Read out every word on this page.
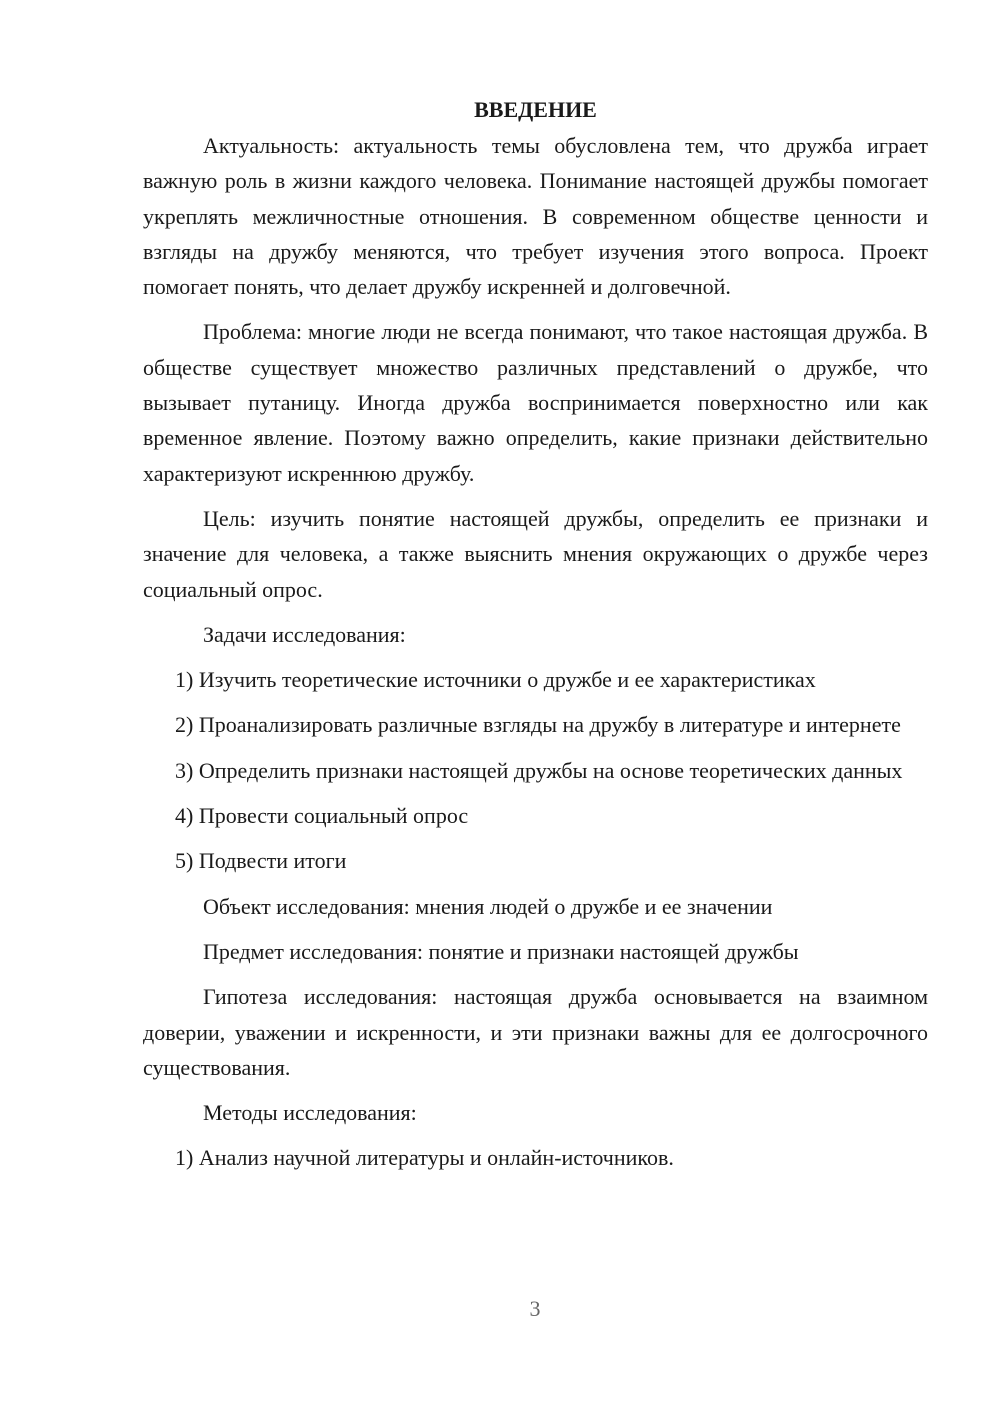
ВВЕДЕНИЕ

Актуальность: актуальность темы обусловлена тем, что дружба играет важную роль в жизни каждого человека. Понимание настоящей дружбы помогает укреплять межличностные отношения. В современном обществе ценности и взгляды на дружбу меняются, что требует изучения этого вопроса. Проект помогает понять, что делает дружбу искренней и долговечной.

Проблема: многие люди не всегда понимают, что такое настоящая дружба. В обществе существует множество различных представлений о дружбе, что вызывает путаницу. Иногда дружба воспринимается поверхностно или как временное явление. Поэтому важно определить, какие признаки действительно характеризуют искреннюю дружбу.

Цель: изучить понятие настоящей дружбы, определить ее признаки и значение для человека, а также выяснить мнения окружающих о дружбе через социальный опрос.

Задачи исследования:

1) Изучить теоретические источники о дружбе и ее характеристиках

2) Проанализировать различные взгляды на дружбу в литературе и интернете

3) Определить признаки настоящей дружбы на основе теоретических данных

4) Провести социальный опрос

5) Подвести итоги

Объект исследования: мнения людей о дружбе и ее значении

Предмет исследования: понятие и признаки настоящей дружбы

Гипотеза исследования: настоящая дружба основывается на взаимном доверии, уважении и искренности, и эти признаки важны для ее долгосрочного существования.

Методы исследования:

1) Анализ научной литературы и онлайн-источников.

3
